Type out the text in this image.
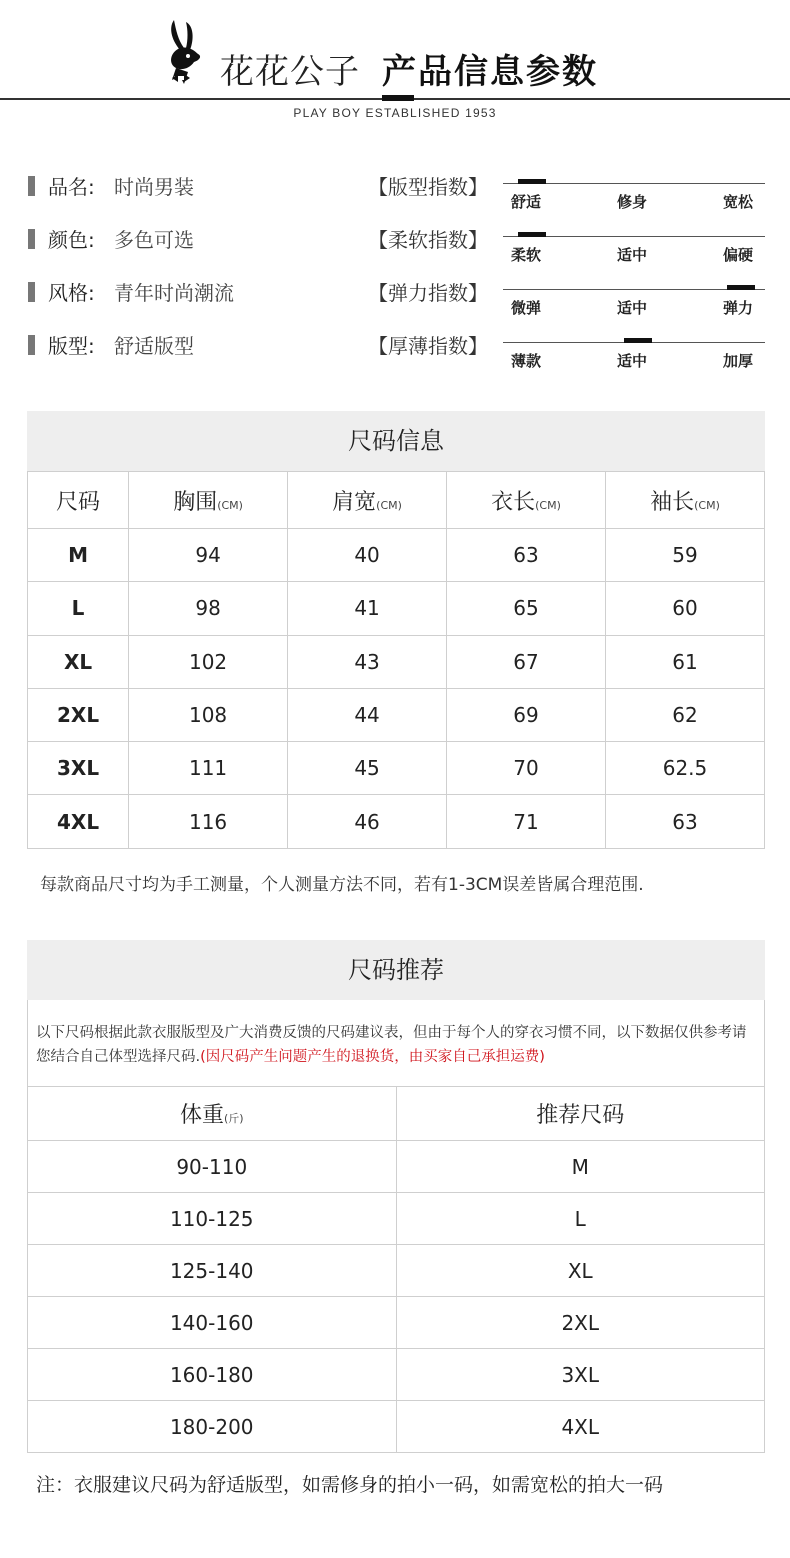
花花公子 产品信息参数
PLAY BOY ESTABLISHED 1953
品名: 时尚男装	【版型指数】
舒适	修身	宽松
颜色: 多色可选	【柔软指数】
柔软	适中	偏硬
风格: 青年时尚潮流	【弹力指数】
微弹	适中	弹力
版型: 舒适版型	【厚薄指数】
薄款	适中	加厚
尺码信息
尺码	胸围(CM)	肩宽(CM)	衣长(CM)	袖长(CM)
M	94	40	63	59
L	98	41	65	60
XL	102	43	67	61
2XL	108	44	69	62
3XL	111	45	70	62.5
4XL	116	46	71	63
每款商品尺寸均为手工测量，个人测量方法不同，若有1-3CM误差皆属合理范围.
尺码推荐
以下尺码根据此款衣服版型及广大消费反馈的尺码建议表，但由于每个人的穿衣习惯不同，以下数据仅供参考请您结合自己体型选择尺码.(因尺码产生问题产生的退换货，由买家自己承担运费)
体重(斤)	推荐尺码
90-110	M
110-125	L
125-140	XL
140-160	2XL
160-180	3XL
180-200	4XL
注：衣服建议尺码为舒适版型，如需修身的拍小一码，如需宽松的拍大一码
